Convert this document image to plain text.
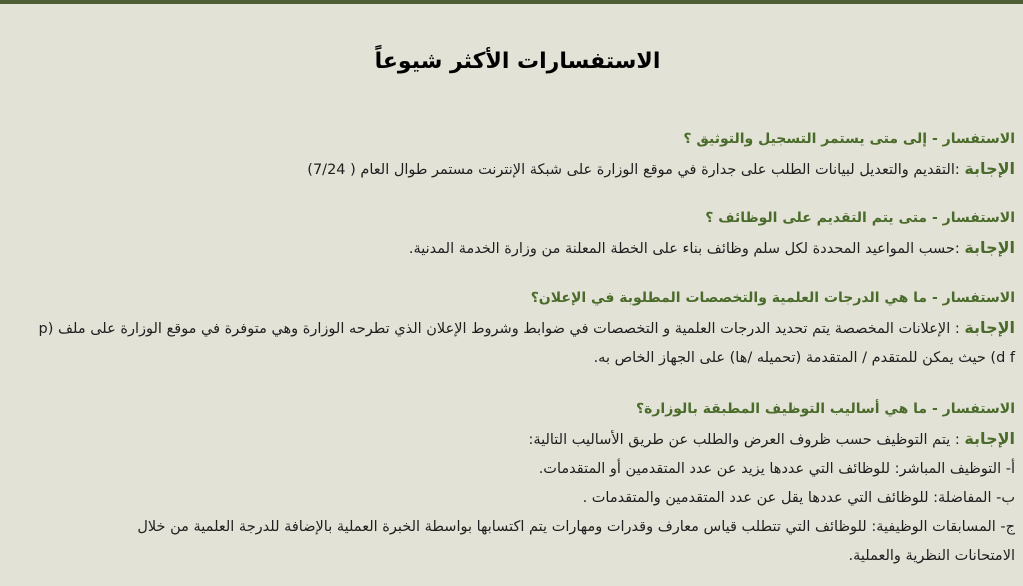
الاستفسارات الأكثر شيوعاً
الاستفسار - إلى متى يستمر التسجيل والتوثيق ؟
الإجابة :التقديم والتعديل لبيانات الطلب على جدارة في موقع الوزارة على شبكة الإنترنت مستمر طوال العام ( 7/24)
الاستفسار - متى يتم التقديم على الوظائف ؟
الإجابة :حسب المواعيد المحددة لكل سلم وظائف بناء على الخطة المعلنة من وزارة الخدمة المدنية.
الاستفسار - ما هي الدرجات العلمية والتخصصات المطلوبة في الإعلان؟
الإجابة : الإعلانات المخصصة يتم تحديد الدرجات العلمية و التخصصات في ضوابط وشروط الإعلان الذي تطرحه الوزارة وهي متوفرة في موقع الوزارة على ملف (p
d f) حيث يمكن للمتقدم / المتقدمة (تحميله /ها) على الجهاز الخاص به.
الاستفسار - ما هي أساليب التوظيف المطبقة بالوزارة؟
الإجابة : يتم التوظيف حسب ظروف العرض والطلب عن طريق الأساليب التالية:
أ- التوظيف المباشر: للوظائف التي عددها يزيد عن عدد المتقدمين أو المتقدمات.
ب- المفاضلة: للوظائف التي عددها يقل عن عدد المتقدمين والمتقدمات .
ج- المسابقات الوظيفية: للوظائف التي تتطلب قياس معارف وقدرات ومهارات يتم اكتسابها بواسطة الخبرة العملية بالإضافة للدرجة العلمية من خلال
الامتحانات النظرية والعملية.
